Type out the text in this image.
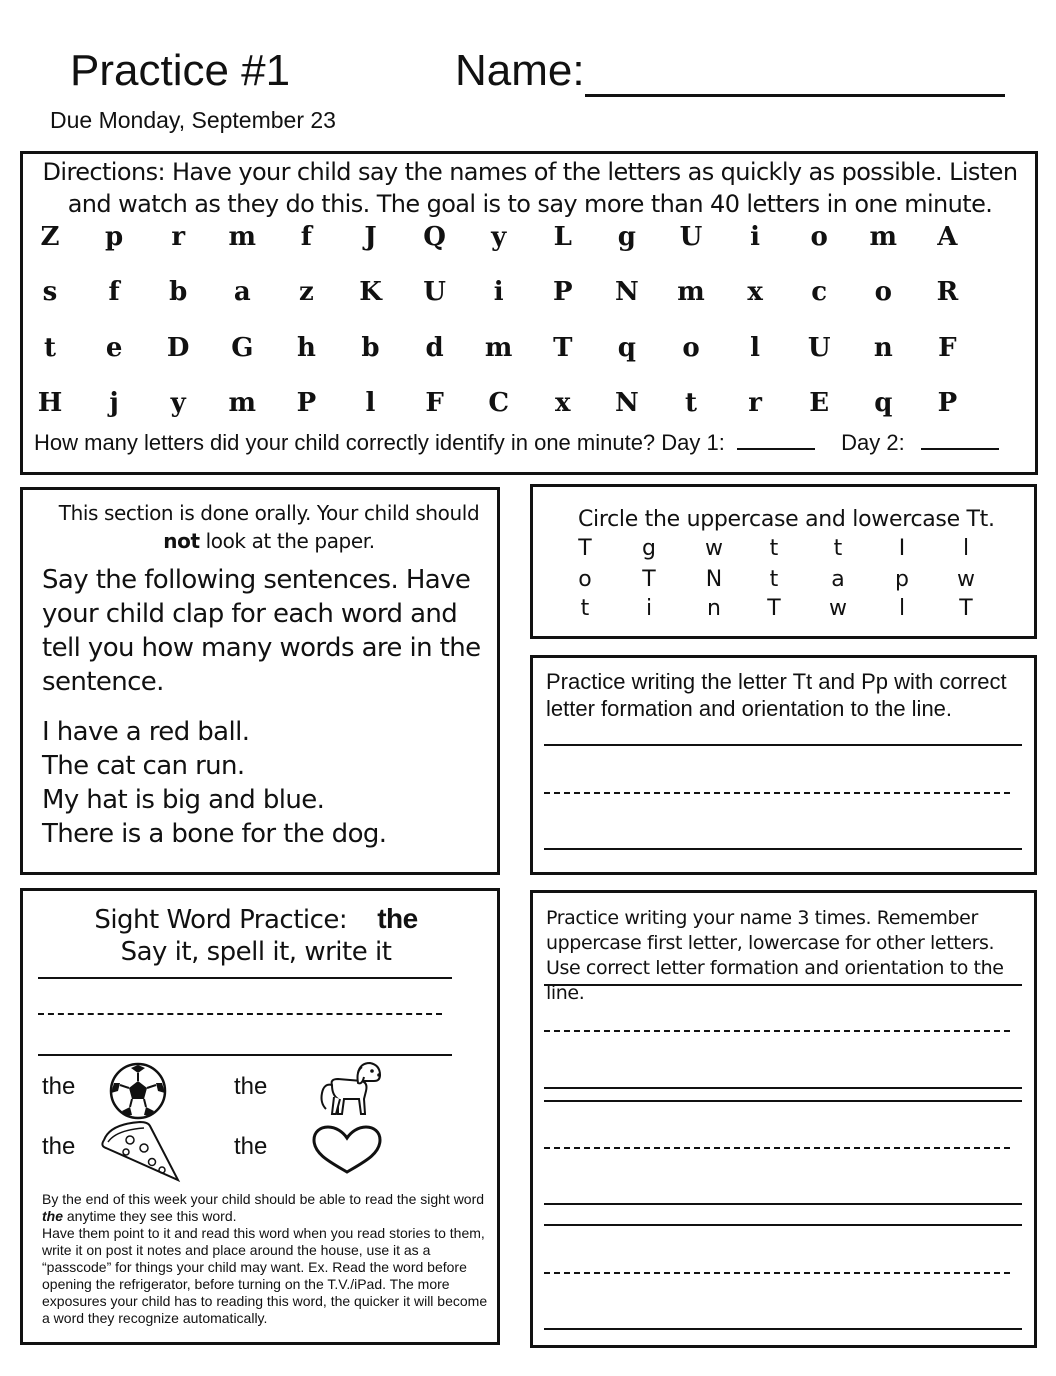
Practice #1	Name:
Due Monday, September 23
Directions: Have your child say the names of the letters as quickly as possible. Listen and watch as they do this. The goal is to say more than 40 letters in one minute.
Z	p	r	m	f	J	Q	y	L	g	U	i	o	m	A
s	f	b	a	z	K	U	i	P	N	m	x	c	o	R
t	e	D	G	h	b	d	m	T	q	o	l	U	n	F
H	j	y	m	P	l	F	C	x	N	t	r	E	q	P
How many letters did your child correctly identify in one minute? Day 1:	Day 2:
This section is done orally. Your child should
not look at the paper.
Say the following sentences. Have your child clap for each word and tell you how many words are in the sentence.
I have a red ball.
The cat can run.
My hat is big and blue.
There is a bone for the dog.
Circle the uppercase and lowercase Tt.
T	g	w	t	t	I	l
o	T	N	t	a	p	w
t	i	n	T	w	l	T
Practice writing the letter Tt and Pp with correct letter formation and orientation to the line.
Sight Word Practice: the
Say it, spell it, write it
the	the
the	the
By the end of this week your child should be able to read the sight word
the anytime they see this word.
Have them point to it and read this word when you read stories to them, write it on post it notes and place around the house, use it as a “passcode” for things your child may want. Ex. Read the word before opening the refrigerator, before turning on the T.V./iPad. The more exposures your child has to reading this word, the quicker it will become a word they recognize automatically.
Practice writing your name 3 times. Remember uppercase first letter, lowercase for other letters. Use correct letter formation and orientation to the line.
